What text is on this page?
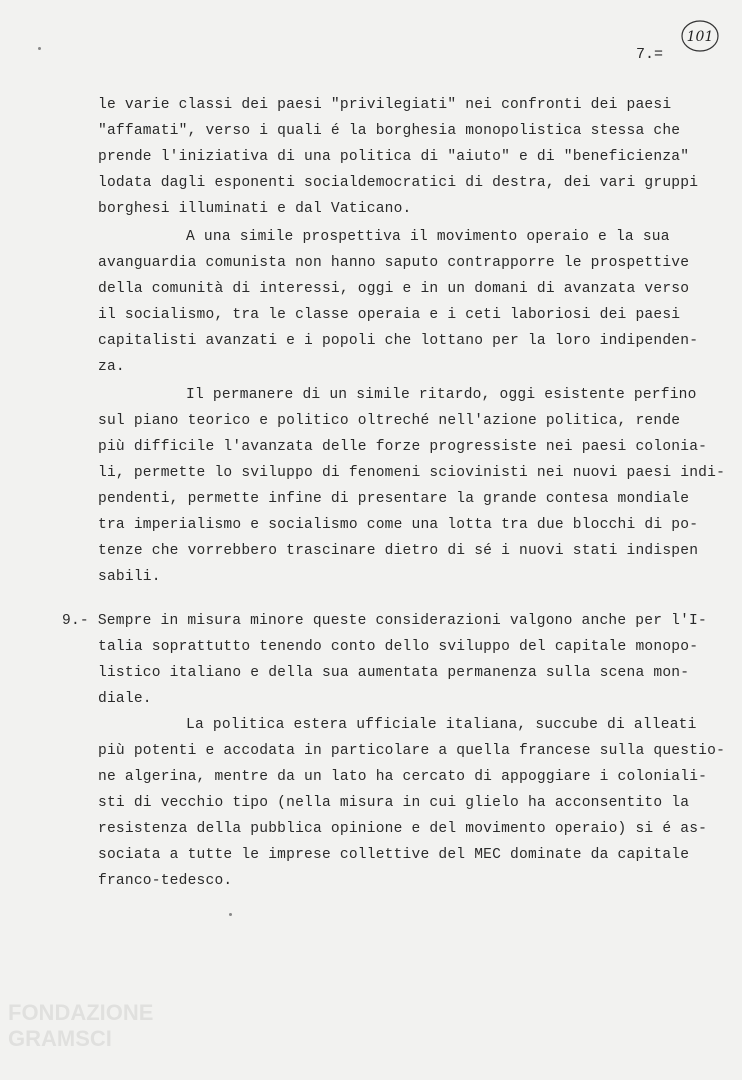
101
7.=
le varie classi dei paesi "privilegiati" nei confronti dei paesi
"affamati", verso i quali é la borghesia monopolistica stessa che
prende l'iniziativa di una politica di "aiuto" e di "beneficienza"
lodata dagli esponenti socialdemocratici di destra, dei vari gruppi
borghesi illuminati e dal Vaticano.
A una simile prospettiva il movimento operaio e la sua
avanguardia comunista non hanno saputo contrapporre le prospettive
della comunità di interessi, oggi e in un domani di avanzata verso
il socialismo, tra le classe operaia e i ceti laboriosi dei paesi
capitalisti avanzati e i popoli che lottano per la loro indipenden-
za.
Il permanere di un simile ritardo, oggi esistente perfino
sul piano teorico e politico oltreché nell'azione politica, rende
più difficile l'avanzata delle forze progressiste nei paesi colonia-
li, permette lo sviluppo di fenomeni sciovinisti nei nuovi paesi indi-
pendenti, permette infine di presentare la grande contesa mondiale
tra imperialismo e socialismo come una lotta tra due blocchi di po-
tenze che vorrebbero trascinare dietro di sé i nuovi stati indispen
sabili.
9.- Sempre in misura minore queste considerazioni valgono anche per l'I-
talia soprattutto tenendo conto dello sviluppo del capitale monopo-
listico italiano e della sua aumentata permanenza sulla scena mon-
diale.
La politica estera ufficiale italiana, succube di alleati
più potenti e accodata in particolare a quella francese sulla questio-
ne algerina, mentre da un lato ha cercato di appoggiare i coloniali-
sti di vecchio tipo (nella misura in cui glielo ha acconsentito la
resistenza della pubblica opinione e del movimento operaio) si é as-
sociata a tutte le imprese collettive del MEC dominate da capitale
franco-tedesco.
FONDAZIONE GRAMSCI
